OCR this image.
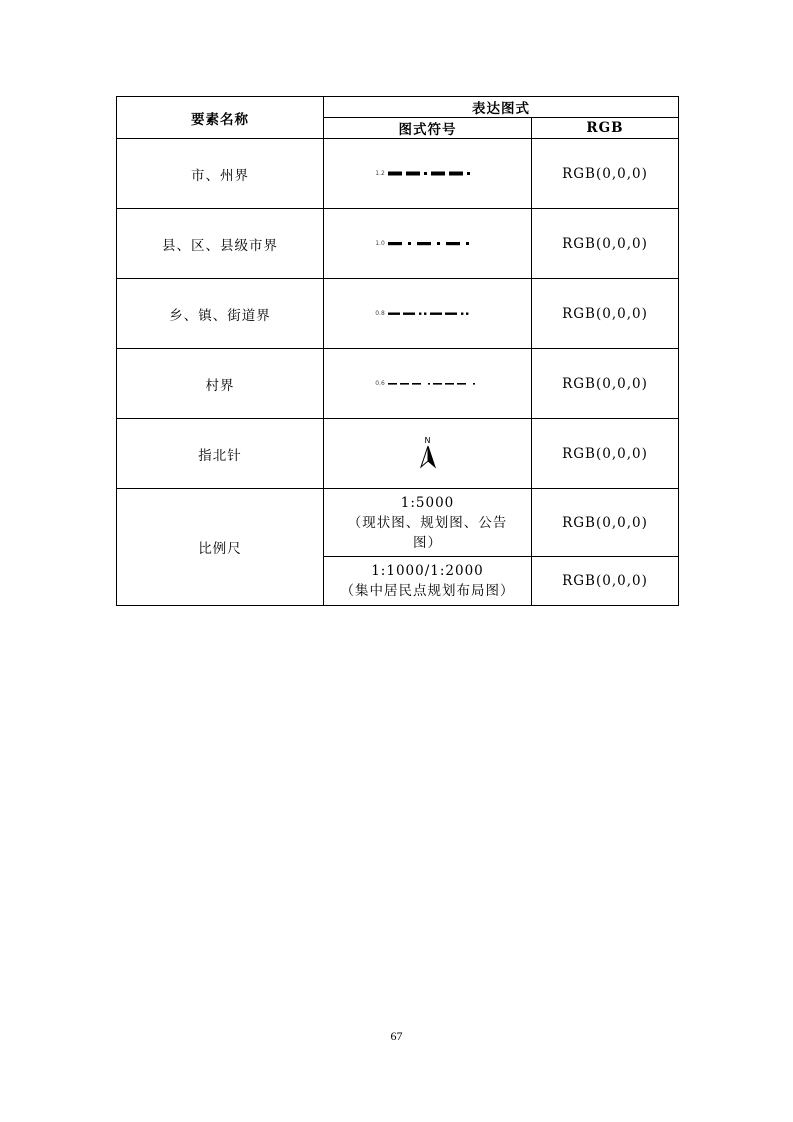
要素名称	表达图式	
	图式符号	RGB
市、州界	1.2	RGB(0,0,0)
县、区、县级市界	1.0	RGB(0,0,0)
乡、镇、街道界	0.8	RGB(0,0,0)
村界	0.6	RGB(0,0,0)
指北针	N	RGB(0,0,0)
比例尺	1:5000
（现状图、规划图、公告
图）	RGB(0,0,0)

	1:1000/1:2000
（集中居民点规划布局图）	RGB(0,0,0)
67
